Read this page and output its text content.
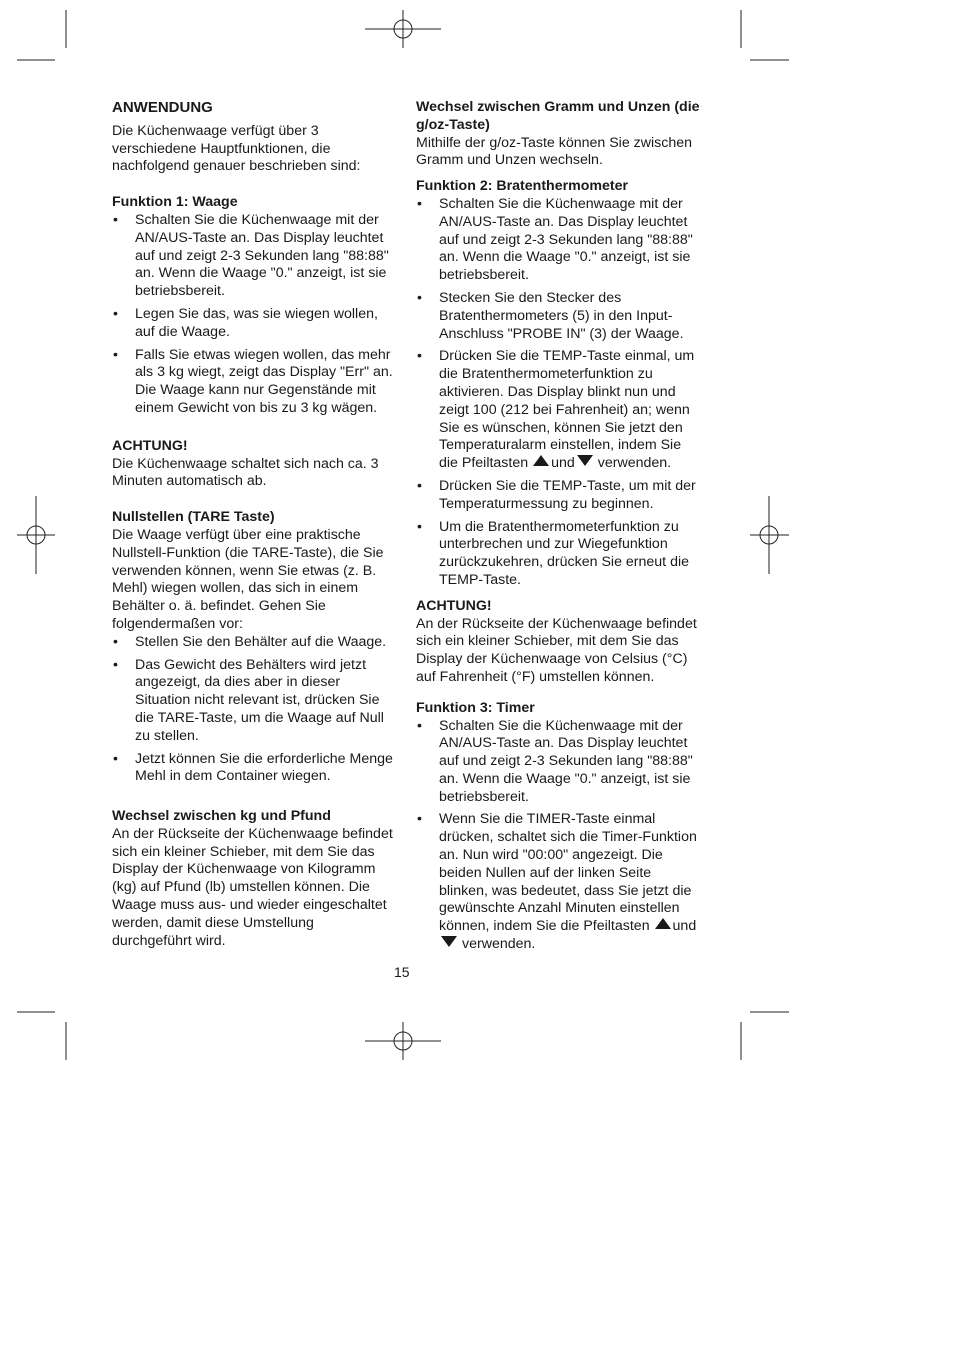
ANWENDUNG

Die Küchenwaage verfügt über 3 verschiedene Hauptfunktionen, die nachfolgend genauer beschrieben sind:

Funktion 1: Waage

• Schalten Sie die Küchenwaage mit der AN/AUS-Taste an. Das Display leuchtet auf und zeigt 2-3 Sekunden lang "88:88" an. Wenn die Waage "0." anzeigt, ist sie betriebsbereit.
• Legen Sie das, was sie wiegen wollen, auf die Waage.
• Falls Sie etwas wiegen wollen, das mehr als 3 kg wiegt, zeigt das Display "Err" an. Die Waage kann nur Gegenstände mit einem Gewicht von bis zu 3 kg wägen.

ACHTUNG!

Die Küchenwaage schaltet sich nach ca. 3 Minuten automatisch ab.

Nullstellen (TARE Taste)

Die Waage verfügt über eine praktische Nullstell-Funktion (die TARE-Taste), die Sie verwenden können, wenn Sie etwas (z. B. Mehl) wiegen wollen, das sich in einem Behälter o. ä. befindet. Gehen Sie folgendermaßen vor:

• Stellen Sie den Behälter auf die Waage.
• Das Gewicht des Behälters wird jetzt angezeigt, da dies aber in dieser Situation nicht relevant ist, drücken Sie die TARE-Taste, um die Waage auf Null zu stellen.
• Jetzt können Sie die erforderliche Menge Mehl in dem Container wiegen.

Wechsel zwischen kg und Pfund

An der Rückseite der Küchenwaage befindet sich ein kleiner Schieber, mit dem Sie das Display der Küchenwaage von Kilogramm (kg) auf Pfund (lb) umstellen können. Die Waage muss aus- und wieder eingeschaltet werden, damit diese Umstellung durchgeführt wird.

Wechsel zwischen Gramm und Unzen (die g/oz-Taste)

Mithilfe der g/oz-Taste können Sie zwischen Gramm und Unzen wechseln.

Funktion 2: Bratenthermometer

• Schalten Sie die Küchenwaage mit der AN/AUS-Taste an. Das Display leuchtet auf und zeigt 2-3 Sekunden lang "88:88" an. Wenn die Waage "0." anzeigt, ist sie betriebsbereit.
• Stecken Sie den Stecker des Bratenthermometers (5) in den Input-Anschluss "PROBE IN" (3) der Waage.
• Drücken Sie die TEMP-Taste einmal, um die Bratenthermometerfunktion zu aktivieren. Das Display blinkt nun und zeigt 100 (212 bei Fahrenheit) an; wenn Sie es wünschen, können Sie jetzt den Temperaturalarm einstellen, indem Sie die Pfeiltasten und verwenden.
• Drücken Sie die TEMP-Taste, um mit der Temperaturmessung zu beginnen.
• Um die Bratenthermometerfunktion zu unterbrechen und zur Wiegefunktion zurückzukehren, drücken Sie erneut die TEMP-Taste.

ACHTUNG!

An der Rückseite der Küchenwaage befindet sich ein kleiner Schieber, mit dem Sie das Display der Küchenwaage von Celsius (°C) auf Fahrenheit (°F) umstellen können.

Funktion 3: Timer

• Schalten Sie die Küchenwaage mit der AN/AUS-Taste an. Das Display leuchtet auf und zeigt 2-3 Sekunden lang "88:88" an. Wenn die Waage "0." anzeigt, ist sie betriebsbereit.
• Wenn Sie die TIMER-Taste einmal drücken, schaltet sich die Timer-Funktion an. Nun wird "00:00" angezeigt. Die beiden Nullen auf der linken Seite blinken, was bedeutet, dass Sie jetzt die gewünschte Anzahl Minuten einstellen können, indem Sie die Pfeiltasten undverwenden.
15
